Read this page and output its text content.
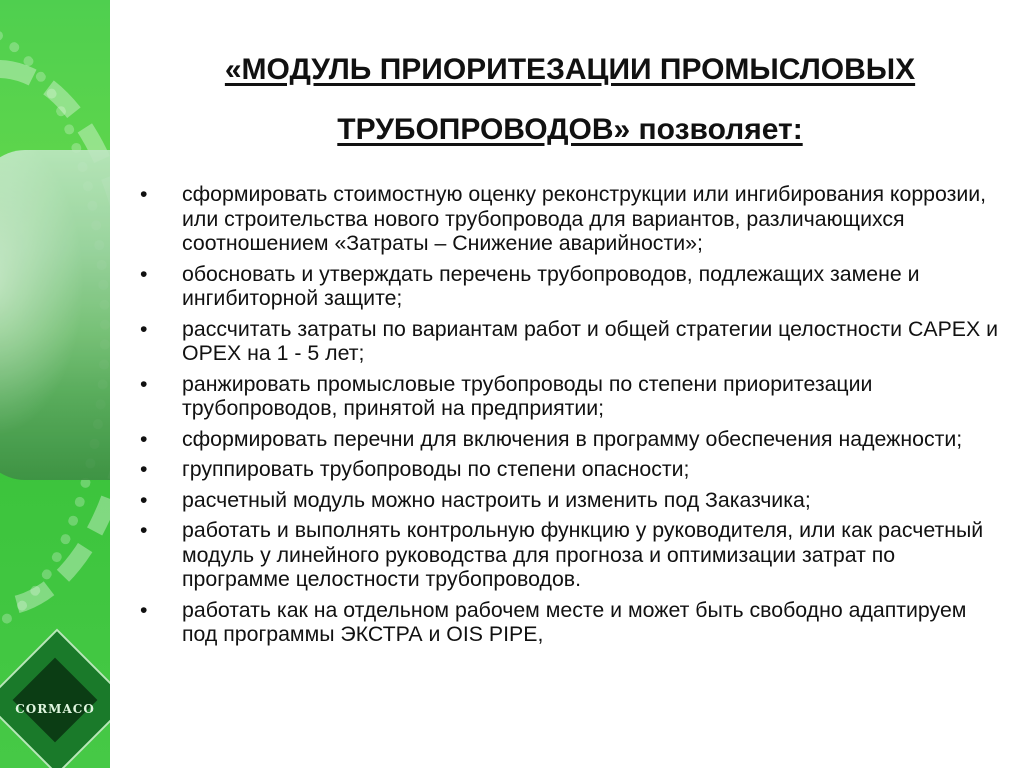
CORMACO
«МОДУЛЬ ПРИОРИТЕЗАЦИИ ПРОМЫСЛОВЫХ
ТРУБОПРОВОДОВ» позволяет:
• сформировать стоимостную оценку реконструкции или ингибирования коррозии, или строительства нового трубопровода для вариантов, различающихся соотношением «Затраты – Снижение аварийности»;
• обосновать и утверждать перечень трубопроводов, подлежащих замене и ингибиторной защите;
• рассчитать затраты по вариантам работ и общей стратегии целостности CAPEX и OPEX на 1 - 5 лет;
• ранжировать промысловые трубопроводы по степени приоритезации трубопроводов, принятой на предприятии;
• сформировать перечни для включения в программу обеспечения надежности;
• группировать трубопроводы по степени опасности;
• расчетный модуль можно настроить и изменить под Заказчика;
• работать и выполнять контрольную функцию у руководителя, или как расчетный модуль у линейного руководства для прогноза и оптимизации затрат по программе целостности трубопроводов.
• работать как на отдельном рабочем месте и может быть свободно адаптируем под программы ЭКСТРА и OIS PIPE,
